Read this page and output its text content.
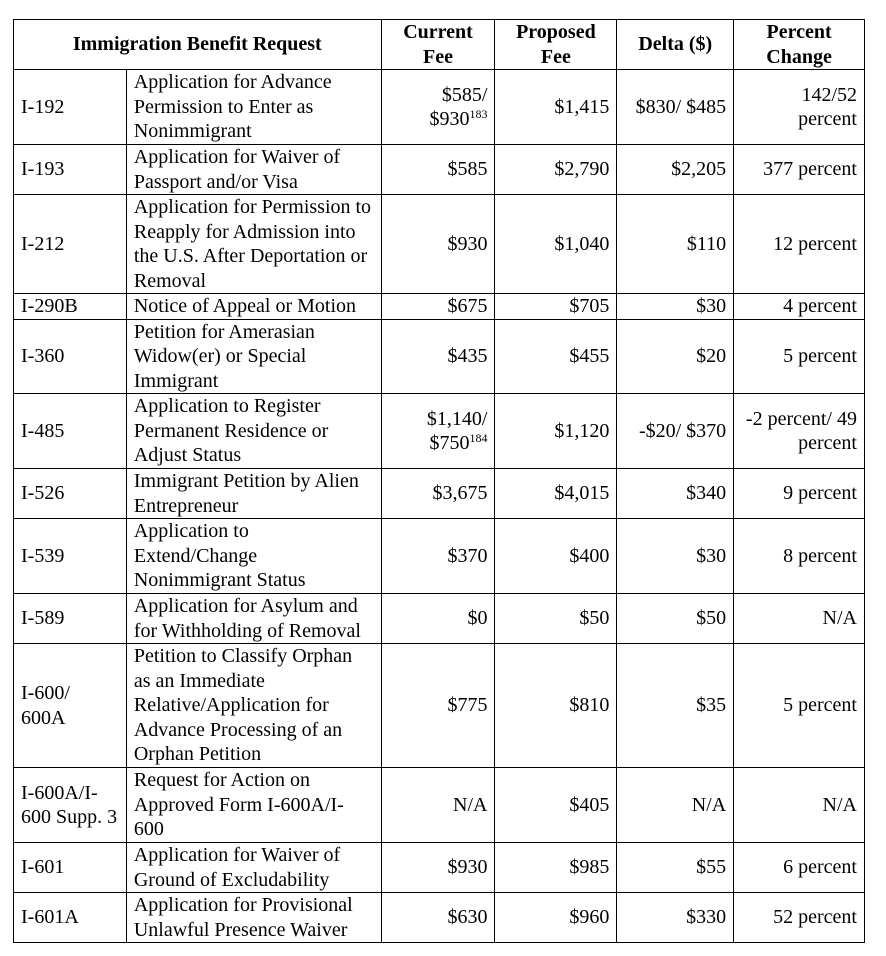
Immigration Benefit Request		Current Fee	Proposed Fee	Delta ($)	Percent Change
I-192	Application for Advance Permission to Enter as Nonimmigrant	$585/ $930$^{183}$	$1,415	$830/ $485	142/52 percent
I-193	Application for Waiver of Passport and/or Visa	$585	$2,790	$2,205	377 percent
I-212	Application for Permission to Reapply for Admission into the U.S. After Deportation or Removal	$930	$1,040	$110	12 percent
I-290B	Notice of Appeal or Motion	$675	$705	$30	4 percent
I-360	Petition for Amerasian Widow(er) or Special Immigrant	$435	$455	$20	5 percent
I-485	Application to Register Permanent Residence or Adjust Status	$1,140/ $750$^{184}$	$1,120	-$20/ $370	-2 percent/ 49 percent
I-526	Immigrant Petition by Alien Entrepreneur	$3,675	$4,015	$340	9 percent
I-539	Application to Extend/Change Nonimmigrant Status	$370	$400	$30	8 percent
I-589	Application for Asylum and for Withholding of Removal	$0	$50	$50	N/A
I-600/ 600A	Petition to Classify Orphan as an Immediate Relative/Application for Advance Processing of an Orphan Petition	$775	$810	$35	5 percent
I-600A/I-600 Supp. 3	Request for Action on Approved Form I-600A/I-600	N/A	$405	N/A	N/A
I-601	Application for Waiver of Ground of Excludability	$930	$985	$55	6 percent
I-601A	Application for Provisional Unlawful Presence Waiver	$630	$960	$330	52 percent
